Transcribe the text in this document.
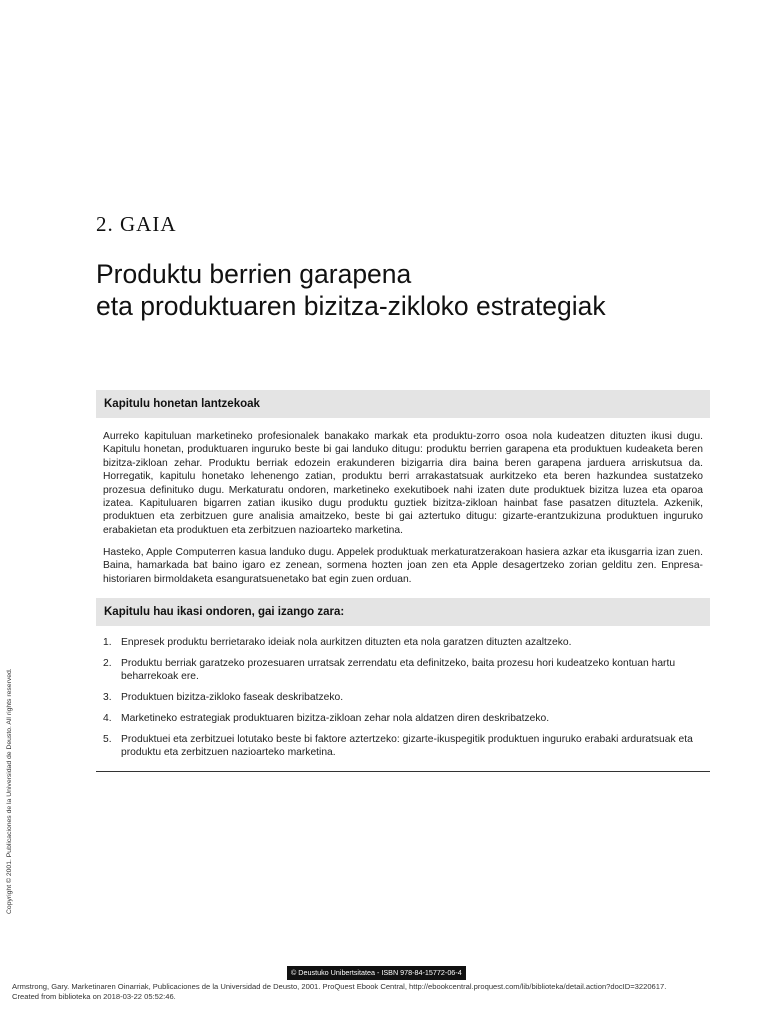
2. GAIA
Produktu berrien garapena
eta produktuaren bizitza-zikloko estrategiak
Kapitulu honetan lantzekoak
Aurreko kapituluan marketineko profesionalek banakako markak eta produktu-zorro osoa nola kudeatzen dituzten ikusi dugu. Kapitulu honetan, produktuaren inguruko beste bi gai landuko ditugu: produktu berrien garapena eta produktuen kudeaketa beren bizitza-zikloan zehar. Produktu berriak edozein erakunderen bizigarria dira baina beren garapena jarduera arriskutsua da. Horregatik, kapitulu honetako lehenengo zatian, produktu berri arrakastatsuak aurkitzeko eta beren hazkundea sustatzeko prozesua definituko dugu. Merkaturatu ondoren, marketineko exekutiboek nahi izaten dute produktuek bizitza luzea eta oparoa izatea. Kapituluaren bigarren zatian ikusiko dugu produktu guztiek bizitza-zikloan hainbat fase pasatzen dituztela. Azkenik, produktuen eta zerbitzuen gure analisia amaitzeko, beste bi gai aztertuko ditugu: gizarte-erantzukizuna produktuen inguruko erabakietan eta produktuen eta zerbitzuen nazioarteko marketina.
Hasteko, Apple Computerren kasua landuko dugu. Appelek produktuak merkaturatzerakoan hasiera azkar eta ikusgarria izan zuen. Baina, hamarkada bat baino igaro ez zenean, sormena hozten joan zen eta Apple desagertzeko zorian gelditu zen. Enpresa-historiaren birmoldaketa esanguratsuenetako bat egin zuen orduan.
Kapitulu hau ikasi ondoren, gai izango zara:
1. Enpresek produktu berrietarako ideiak nola aurkitzen dituzten eta nola garatzen dituzten azaltzeko.
2. Produktu berriak garatzeko prozesuaren urratsak zerrendatu eta definitzeko, baita prozesu hori kudeatzeko kontuan hartu beharrekoak ere.
3. Produktuen bizitza-zikloko faseak deskribatzeko.
4. Marketineko estrategiak produktuaren bizitza-zikloan zehar nola aldatzen diren deskribatzeko.
5. Produktuei eta zerbitzuei lotutako beste bi faktore aztertzeko: gizarte-ikuspegitik produktuen inguruko erabaki arduratsuak eta produktu eta zerbitzuen nazioarteko marketina.
Copyright © 2001. Publicaciones de la Universidad de Deusto. All rights reserved.
© Deustuko Unibertsitatea - ISBN 978-84-15772-06-4
Armstrong, Gary. Marketinaren Oinarriak, Publicaciones de la Universidad de Deusto, 2001. ProQuest Ebook Central, http://ebookcentral.proquest.com/lib/biblioteka/detail.action?docID=3220617.
Created from biblioteka on 2018-03-22 05:52:46.
